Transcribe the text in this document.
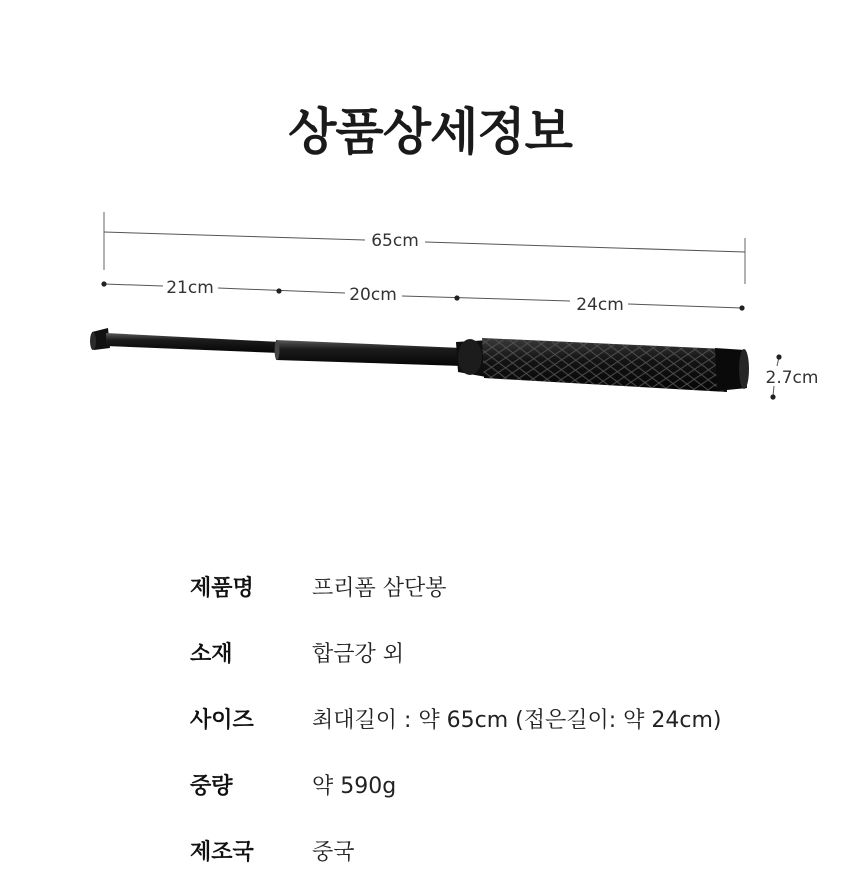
상품상세정보
65cm
21cm	20cm	24cm
2.7cm
제품명	프리폼 삼단봉
소재	합금강 외
사이즈	최대길이 : 약 65cm (접은길이: 약 24cm)
중량	약 590g
제조국	중국
